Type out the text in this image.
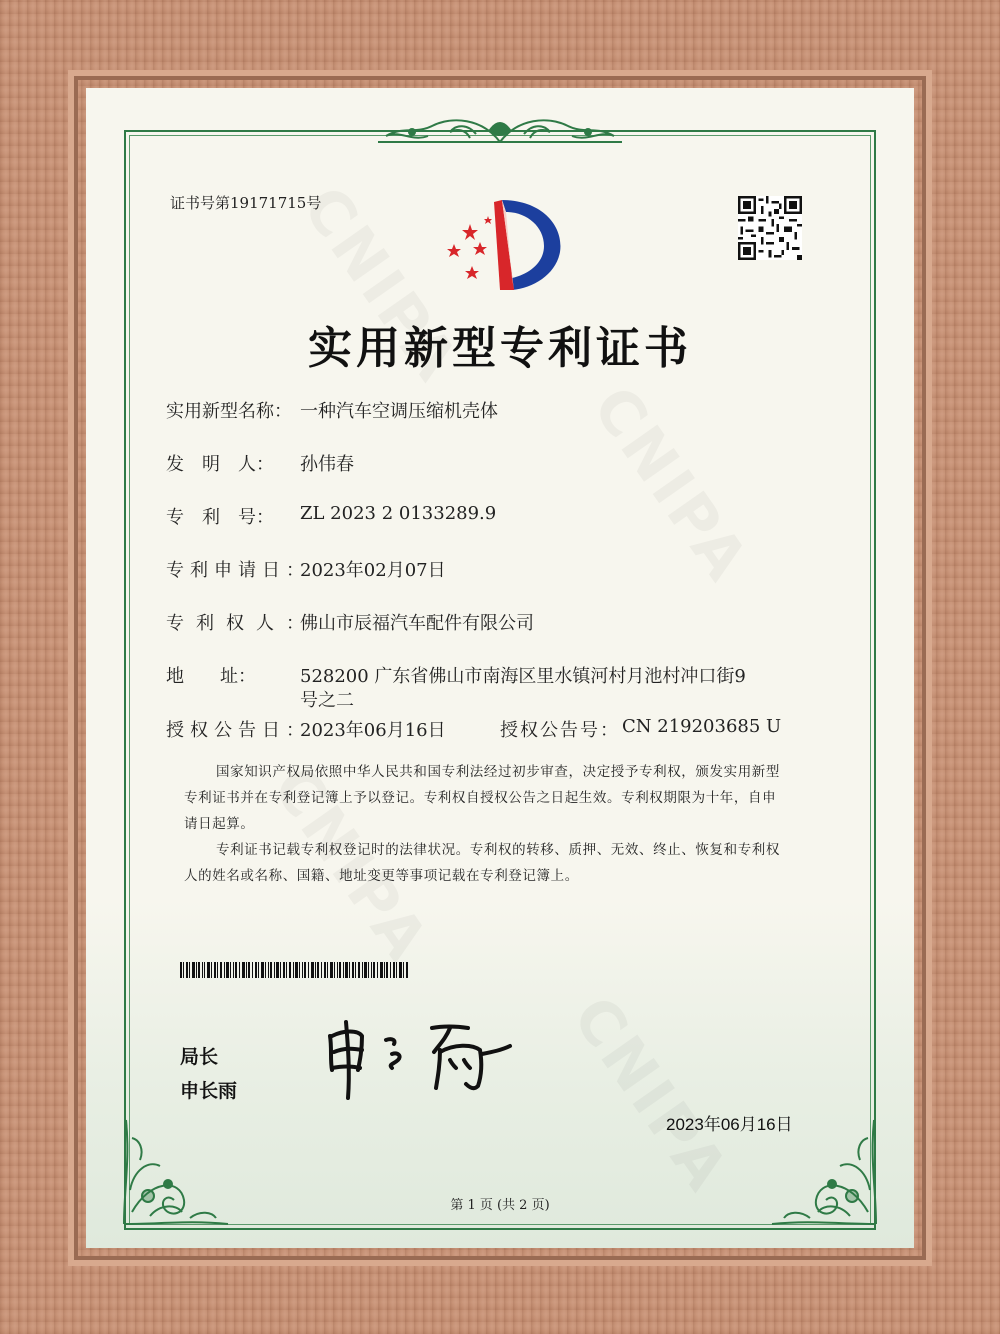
证书号第19171715号
实用新型专利证书
实用新型名称： 一种汽车空调压缩机壳体
发　明　人： 孙伟春
专　利　号： ZL 2023 2 0133289.9
专利申请日：
2023年02月07日
专利权人：
佛山市辰福汽车配件有限公司
地　　址： 528200 广东省佛山市南海区里水镇河村月池村冲口街9
号之二
授权公告日：
2023年06月16日	授权公告号： CN 219203685 U
国家知识产权局依照中华人民共和国专利法经过初步审查，决定授予专利权，颁发实用新型
专利证书并在专利登记簿上予以登记。专利权自授权公告之日起生效。专利权期限为十年，自申
请日起算。
专利证书记载专利权登记时的法律状况。专利权的转移、质押、无效、终止、恢复和专利权
人的姓名或名称、国籍、地址变更等事项记载在专利登记簿上。
局长
申长雨
2023年06月16日
第 1 页 (共 2 页)
